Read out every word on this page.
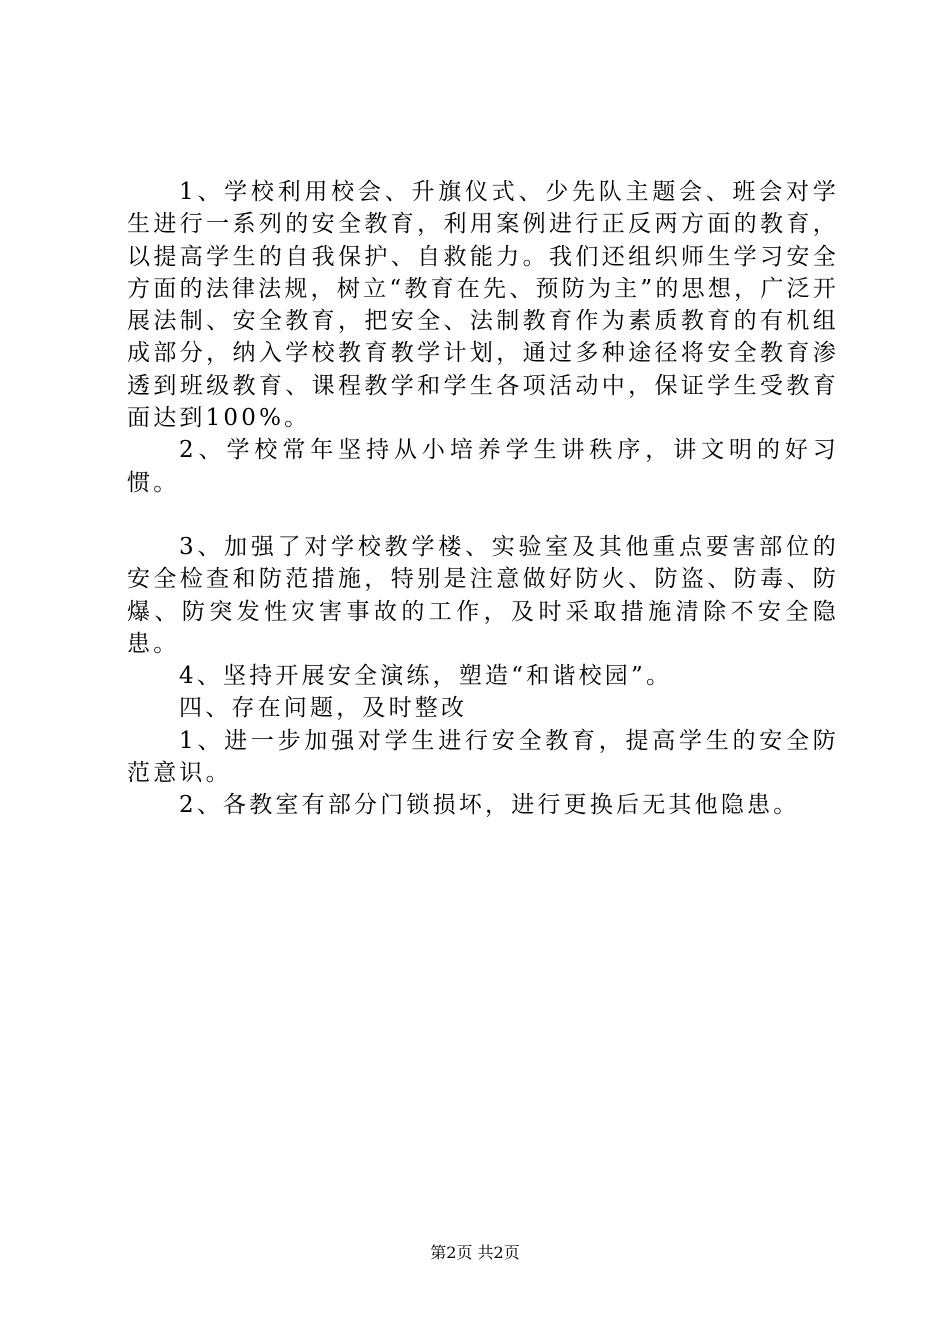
1、学校利用校会、升旗仪式、少先队主题会、班会对学生进行一系列的安全教育，利用案例进行正反两方面的教育，以提高学生的自我保护、自救能力。我们还组织师生学习安全方面的法律法规，树立“教育在先、预防为主”的思想，广泛开展法制、安全教育，把安全、法制教育作为素质教育的有机组成部分，纳入学校教育教学计划，通过多种途径将安全教育渗透到班级教育、课程教学和学生各项活动中，保证学生受教育面达到100%。

2、学校常年坚持从小培养学生讲秩序，讲文明的好习惯。

3、加强了对学校教学楼、实验室及其他重点要害部位的安全检查和防范措施，特别是注意做好防火、防盗、防毒、防爆、防突发性灾害事故的工作，及时采取措施清除不安全隐患。

4、坚持开展安全演练，塑造“和谐校园”。

四、存在问题，及时整改

1、进一步加强对学生进行安全教育，提高学生的安全防范意识。

2、各教室有部分门锁损坏，进行更换后无其他隐患。

第2页 共2页
